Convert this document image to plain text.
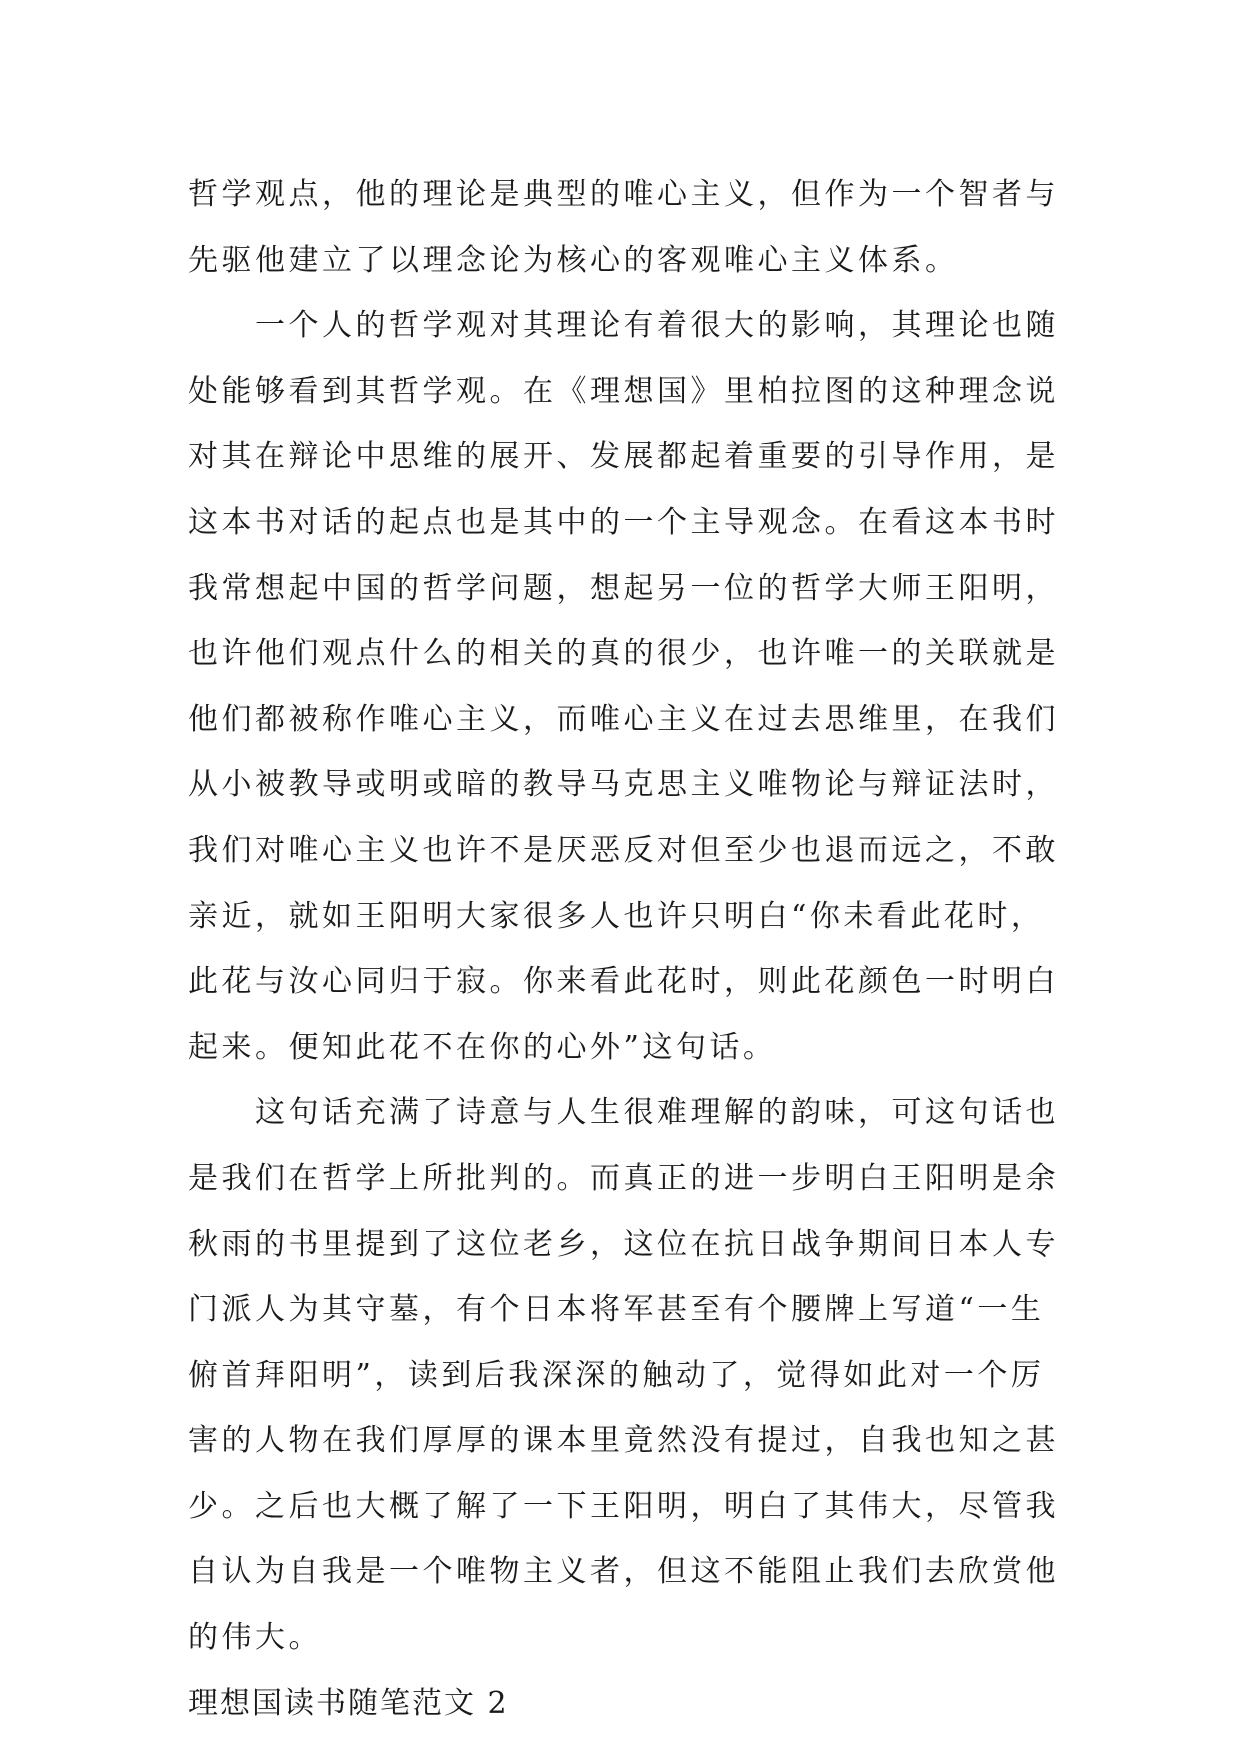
哲学观点，他的理论是典型的唯心主义，但作为一个智者与
先驱他建立了以理念论为核心的客观唯心主义体系。
一个人的哲学观对其理论有着很大的影响，其理论也随
处能够看到其哲学观。在《理想国》里柏拉图的这种理念说
对其在辩论中思维的展开、发展都起着重要的引导作用，是
这本书对话的起点也是其中的一个主导观念。在看这本书时
我常想起中国的哲学问题，想起另一位的哲学大师王阳明，
也许他们观点什么的相关的真的很少，也许唯一的关联就是
他们都被称作唯心主义，而唯心主义在过去思维里，在我们
从小被教导或明或暗的教导马克思主义唯物论与辩证法时，
我们对唯心主义也许不是厌恶反对但至少也退而远之，不敢
亲近，就如王阳明大家很多人也许只明白“你未看此花时，
此花与汝心同归于寂。你来看此花时，则此花颜色一时明白
起来。便知此花不在你的心外”这句话。
这句话充满了诗意与人生很难理解的韵味，可这句话也
是我们在哲学上所批判的。而真正的进一步明白王阳明是余
秋雨的书里提到了这位老乡，这位在抗日战争期间日本人专
门派人为其守墓，有个日本将军甚至有个腰牌上写道“一生
俯首拜阳明”，读到后我深深的触动了，觉得如此对一个厉
害的人物在我们厚厚的课本里竟然没有提过，自我也知之甚
少。之后也大概了解了一下王阳明，明白了其伟大，尽管我
自认为自我是一个唯物主义者，但这不能阻止我们去欣赏他
的伟大。
理想国读书随笔范文 2
